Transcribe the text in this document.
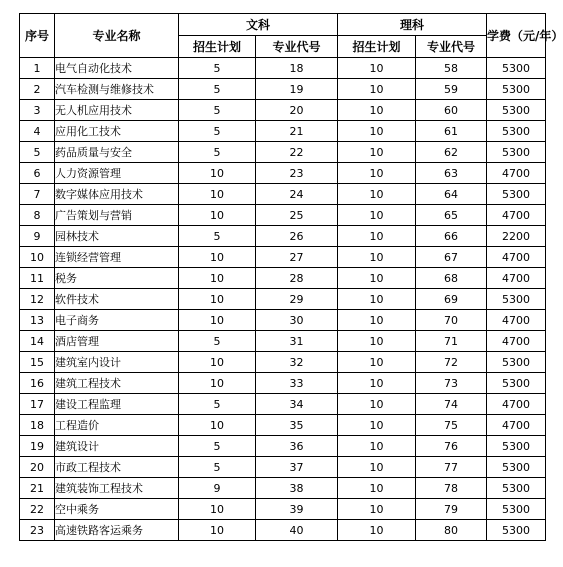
序号	专业名称	文科		理科		学费（元/年）
		招生计划	专业代号	招生计划	专业代号	
1	电气自动化技术	5	18	10	58	5300
2	汽车检测与维修技术	5	19	10	59	5300
3	无人机应用技术	5	20	10	60	5300
4	应用化工技术	5	21	10	61	5300
5	药品质量与安全	5	22	10	62	5300
6	人力资源管理	10	23	10	63	4700
7	数字媒体应用技术	10	24	10	64	5300
8	广告策划与营销	10	25	10	65	4700
9	园林技术	5	26	10	66	2200
10	连锁经营管理	10	27	10	67	4700
11	税务	10	28	10	68	4700
12	软件技术	10	29	10	69	5300
13	电子商务	10	30	10	70	4700
14	酒店管理	5	31	10	71	4700
15	建筑室内设计	10	32	10	72	5300
16	建筑工程技术	10	33	10	73	5300
17	建设工程监理	5	34	10	74	4700
18	工程造价	10	35	10	75	4700
19	建筑设计	5	36	10	76	5300
20	市政工程技术	5	37	10	77	5300
21	建筑装饰工程技术	9	38	10	78	5300
22	空中乘务	10	39	10	79	5300
23	高速铁路客运乘务	10	40	10	80	5300
